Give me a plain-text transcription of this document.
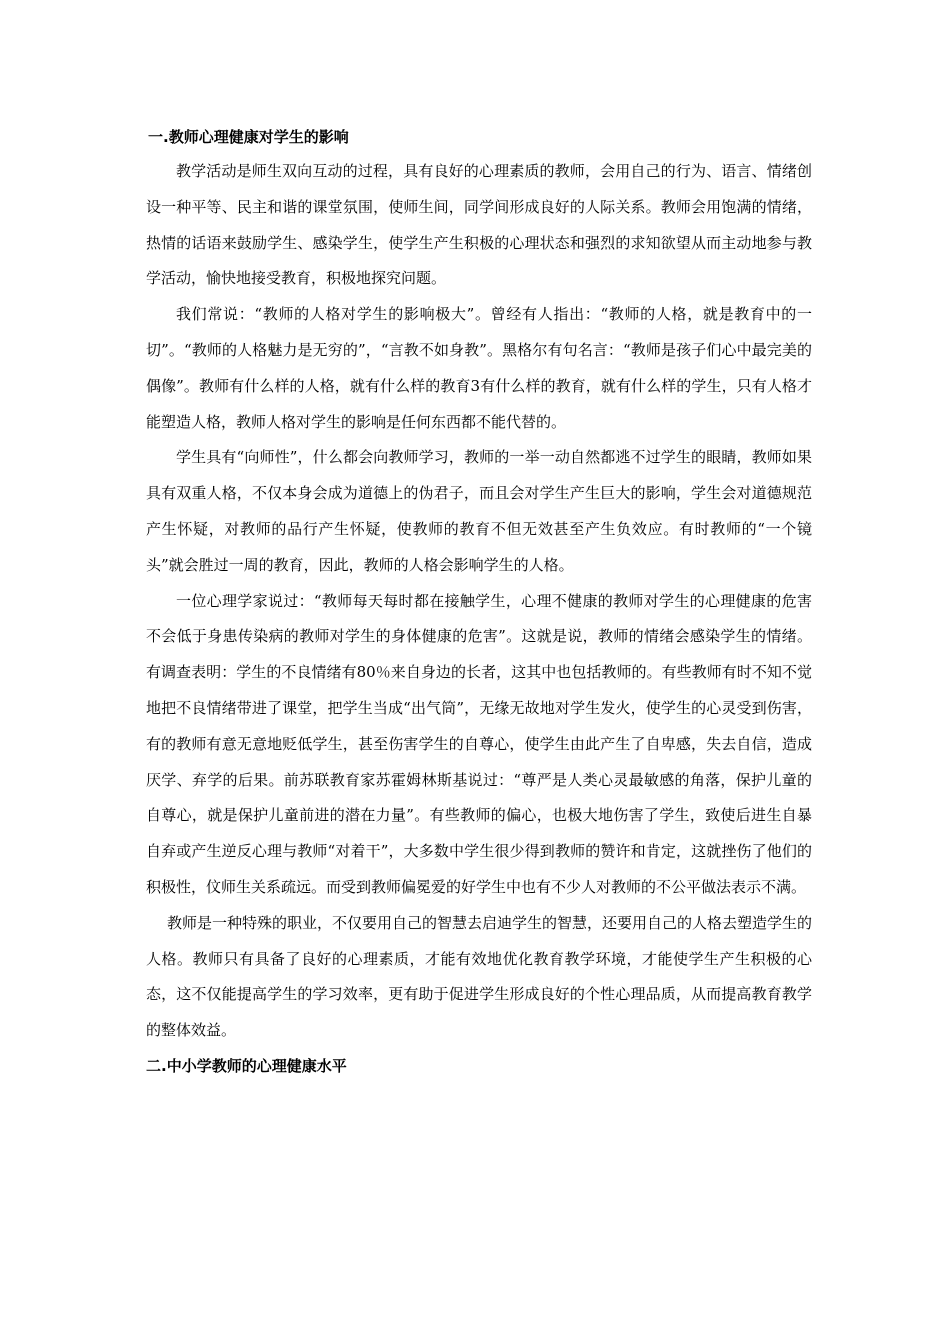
一.教师心理健康对学生的影响

教学活动是师生双向互动的过程，具有良好的心理素质的教师，会用自己的行为、语言、情绪创设一种平等、民主和谐的课堂氛围，使师生间，同学间形成良好的人际关系。教师会用饱满的情绪，热情的话语来鼓励学生、感染学生，使学生产生积极的心理状态和强烈的求知欲望从而主动地参与教学活动，愉快地接受教育，积极地探究问题。

我们常说：“教师的人格对学生的影响极大”。曾经有人指出：“教师的人格，就是教育中的一切”。“教师的人格魅力是无穷的”，“言教不如身教”。黑格尔有句名言：“教师是孩子们心中最完美的偶像”。教师有什么样的人格，就有什么样的教育3有什么样的教育，就有什么样的学生，只有人格才能塑造人格，教师人格对学生的影响是任何东西都不能代替的。

学生具有“向师性”，什么都会向教师学习，教师的一举一动自然都逃不过学生的眼睛，教师如果具有双重人格，不仅本身会成为道德上的伪君子，而且会对学生产生巨大的影响，学生会对道德规范产生怀疑，对教师的品行产生怀疑，使教师的教育不但无效甚至产生负效应。有时教师的“一个镜头”就会胜过一周的教育，因此，教师的人格会影响学生的人格。

一位心理学家说过：“教师每天每时都在接触学生，心理不健康的教师对学生的心理健康的危害不会低于身患传染病的教师对学生的身体健康的危害”。这就是说，教师的情绪会感染学生的情绪。有调查表明：学生的不良情绪有80％来自身边的长者，这其中也包括教师的。有些教师有时不知不觉地把不良情绪带进了课堂，把学生当成“出气筒”，无缘无故地对学生发火，使学生的心灵受到伤害，有的教师有意无意地贬低学生，甚至伤害学生的自尊心，使学生由此产生了自卑感，失去自信，造成厌学、弃学的后果。前苏联教育家苏霍姆林斯基说过：“尊严是人类心灵最敏感的角落，保护儿童的自尊心，就是保护儿童前进的潜在力量”。有些教师的偏心，也极大地伤害了学生，致使后进生自暴自弃或产生逆反心理与教师“对着干”，大多数中学生很少得到教师的赞许和肯定，这就挫伤了他们的积极性，伩师生关系疏远。而受到教师偏冕爱的好学生中也有不少人对教师的不公平做法表示不满。

教师是一种特殊的职业，不仅要用自己的智慧去启迪学生的智慧，还要用自己的人格去塑造学生的人格。教师只有具备了良好的心理素质，才能有效地优化教育教学环境，才能使学生产生积极的心态，这不仅能提高学生的学习效率，更有助于促进学生形成良好的个性心理品质，从而提高教育教学的整体效益。

二.中小学教师的心理健康水平
